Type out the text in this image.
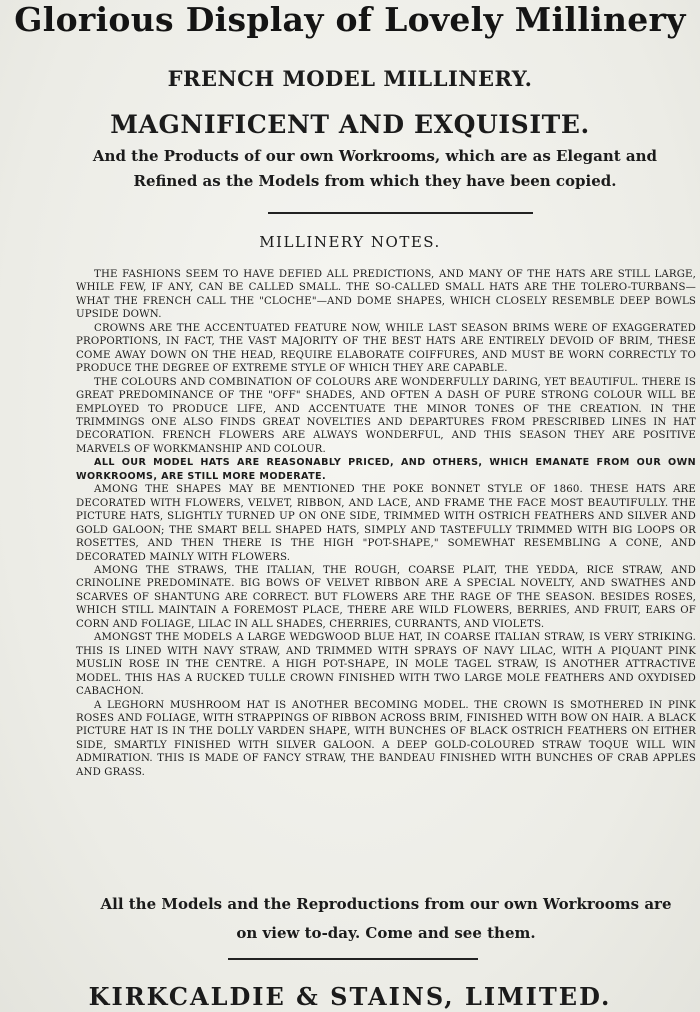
Glorious Display of Lovely Millinery
FRENCH MODEL MILLINERY.
MAGNIFICENT AND EXQUISITE.
And the Products of our own Workrooms, which are as Elegant and Refined as the Models from which they have been copied.
MILLINERY NOTES.

THE FASHIONS SEEM TO HAVE DEFIED ALL PREDICTIONS, AND MANY OF THE HATS ARE STILL LARGE, WHILE FEW, IF ANY, CAN BE CALLED SMALL. THE SO-CALLED SMALL HATS ARE THE TOLERO-TURBANS—WHAT THE FRENCH CALL THE "CLOCHE"—AND DOME SHAPES, WHICH CLOSELY RESEMBLE DEEP BOWLS UPSIDE DOWN.

CROWNS ARE THE ACCENTUATED FEATURE NOW, WHILE LAST SEASON BRIMS WERE OF EXAGGERATED PROPORTIONS, IN FACT, THE VAST MAJORITY OF THE BEST HATS ARE ENTIRELY DEVOID OF BRIM, THESE COME AWAY DOWN ON THE HEAD, REQUIRE ELABORATE COIFFURES, AND MUST BE WORN CORRECTLY TO PRODUCE THE DEGREE OF EXTREME STYLE OF WHICH THEY ARE CAPABLE.

THE COLOURS AND COMBINATION OF COLOURS ARE WONDERFULLY DARING, YET BEAUTIFUL. THERE IS GREAT PREDOMINANCE OF THE "OFF" SHADES, AND OFTEN A DASH OF PURE STRONG COLOUR WILL BE EMPLOYED TO PRODUCE LIFE, AND ACCENTUATE THE MINOR TONES OF THE CREATION. IN THE TRIMMINGS ONE ALSO FINDS GREAT NOVELTIES AND DEPARTURES FROM PRESCRIBED LINES IN HAT DECORATION. FRENCH FLOWERS ARE ALWAYS WONDERFUL, AND THIS SEASON THEY ARE POSITIVE MARVELS OF WORKMANSHIP AND COLOUR.

ALL OUR MODEL HATS ARE REASONABLY PRICED, AND OTHERS, WHICH EMANATE FROM OUR OWN WORKROOMS, ARE STILL MORE MODERATE.

AMONG THE SHAPES MAY BE MENTIONED THE POKE BONNET STYLE OF 1860. THESE HATS ARE DECORATED WITH FLOWERS, VELVET, RIBBON, AND LACE, AND FRAME THE FACE MOST BEAUTIFULLY. THE PICTURE HATS, SLIGHTLY TURNED UP ON ONE SIDE, TRIMMED WITH OSTRICH FEATHERS AND SILVER AND GOLD GALOON; THE SMART BELL SHAPED HATS, SIMPLY AND TASTEFULLY TRIMMED WITH BIG LOOPS OR ROSETTES, AND THEN THERE IS THE HIGH "POT-SHAPE," SOMEWHAT RESEMBLING A CONE, AND DECORATED MAINLY WITH FLOWERS.

AMONG THE STRAWS, THE ITALIAN, THE ROUGH, COARSE PLAIT, THE YEDDA, RICE STRAW, AND CRINOLINE PREDOMINATE. BIG BOWS OF VELVET RIBBON ARE A SPECIAL NOVELTY, AND SWATHES AND SCARVES OF SHANTUNG ARE CORRECT. BUT FLOWERS ARE THE RAGE OF THE SEASON. BESIDES ROSES, WHICH STILL MAINTAIN A FOREMOST PLACE, THERE ARE WILD FLOWERS, BERRIES, AND FRUIT, EARS OF CORN AND FOLIAGE, LILAC IN ALL SHADES, CHERRIES, CURRANTS, AND VIOLETS.

AMONGST THE MODELS A LARGE WEDGWOOD BLUE HAT, IN COARSE ITALIAN STRAW, IS VERY STRIKING. THIS IS LINED WITH NAVY STRAW, AND TRIMMED WITH SPRAYS OF NAVY LILAC, WITH A PIQUANT PINK MUSLIN ROSE IN THE CENTRE. A HIGH POT-SHAPE, IN MOLE TAGEL STRAW, IS ANOTHER ATTRACTIVE MODEL. THIS HAS A RUCKED TULLE CROWN FINISHED WITH TWO LARGE MOLE FEATHERS AND OXYDISED CABACHON.

A LEGHORN MUSHROOM HAT IS ANOTHER BECOMING MODEL. THE CROWN IS SMOTHERED IN PINK ROSES AND FOLIAGE, WITH STRAPPINGS OF RIBBON ACROSS BRIM, FINISHED WITH BOW ON HAIR. A BLACK PICTURE HAT IS IN THE DOLLY VARDEN SHAPE, WITH BUNCHES OF BLACK OSTRICH FEATHERS ON EITHER SIDE, SMARTLY FINISHED WITH SILVER GALOON. A DEEP GOLD-COLOURED STRAW TOQUE WILL WIN ADMIRATION. THIS IS MADE OF FANCY STRAW, THE BANDEAU FINISHED WITH BUNCHES OF CRAB APPLES AND GRASS.

All the Models and the Reproductions from our own Workrooms are on view to-day. Come and see them.
KIRKCALDIE & STAINS, LIMITED.
